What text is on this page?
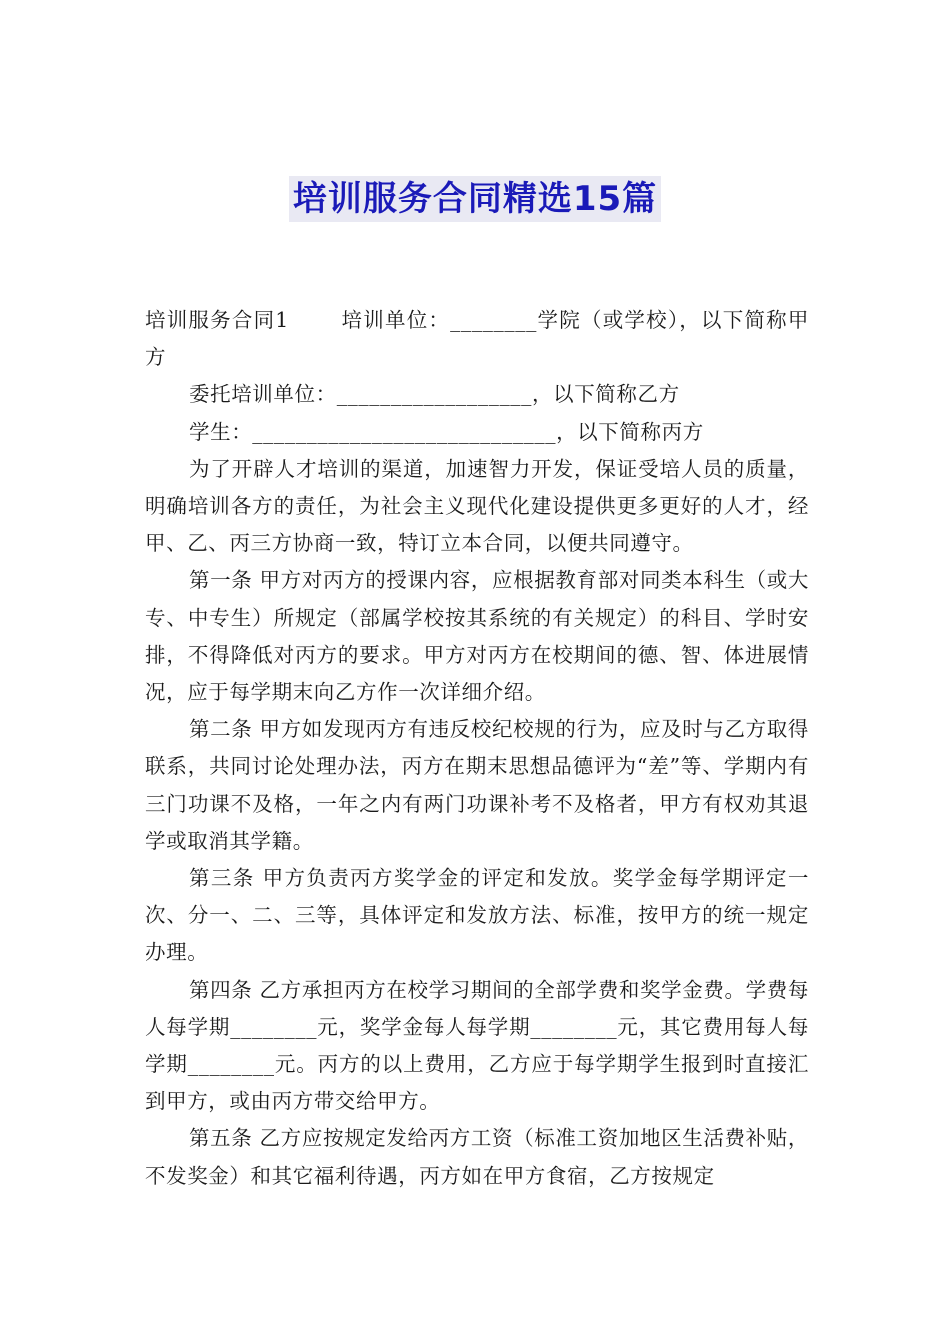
培训服务合同精选15篇

培训服务合同1	培训单位：________学院（或学校），以下简称甲方

委托培训单位：__________________，以下简称乙方

学生：____________________________，以下简称丙方

为了开辟人才培训的渠道，加速智力开发，保证受培人员的质量，明确培训各方的责任，为社会主义现代化建设提供更多更好的人才，经甲、乙、丙三方协商一致，特订立本合同，以便共同遵守。

第一条 甲方对丙方的授课内容，应根据教育部对同类本科生（或大专、中专生）所规定（部属学校按其系统的有关规定）的科目、学时安排，不得降低对丙方的要求。甲方对丙方在校期间的德、智、体进展情况，应于每学期末向乙方作一次详细介绍。

第二条 甲方如发现丙方有违反校纪校规的行为，应及时与乙方取得联系，共同讨论处理办法，丙方在期末思想品德评为“差”等、学期内有三门功课不及格，一年之内有两门功课补考不及格者，甲方有权劝其退学或取消其学籍。

第三条 甲方负责丙方奖学金的评定和发放。奖学金每学期评定一次、分一、二、三等，具体评定和发放方法、标准，按甲方的统一规定办理。

第四条 乙方承担丙方在校学习期间的全部学费和奖学金费。学费每人每学期________元，奖学金每人每学期________元，其它费用每人每学期________元。丙方的以上费用，乙方应于每学期学生报到时直接汇到甲方，或由丙方带交给甲方。

第五条 乙方应按规定发给丙方工资（标准工资加地区生活费补贴，不发奖金）和其它福利待遇，丙方如在甲方食宿，乙方按规定
